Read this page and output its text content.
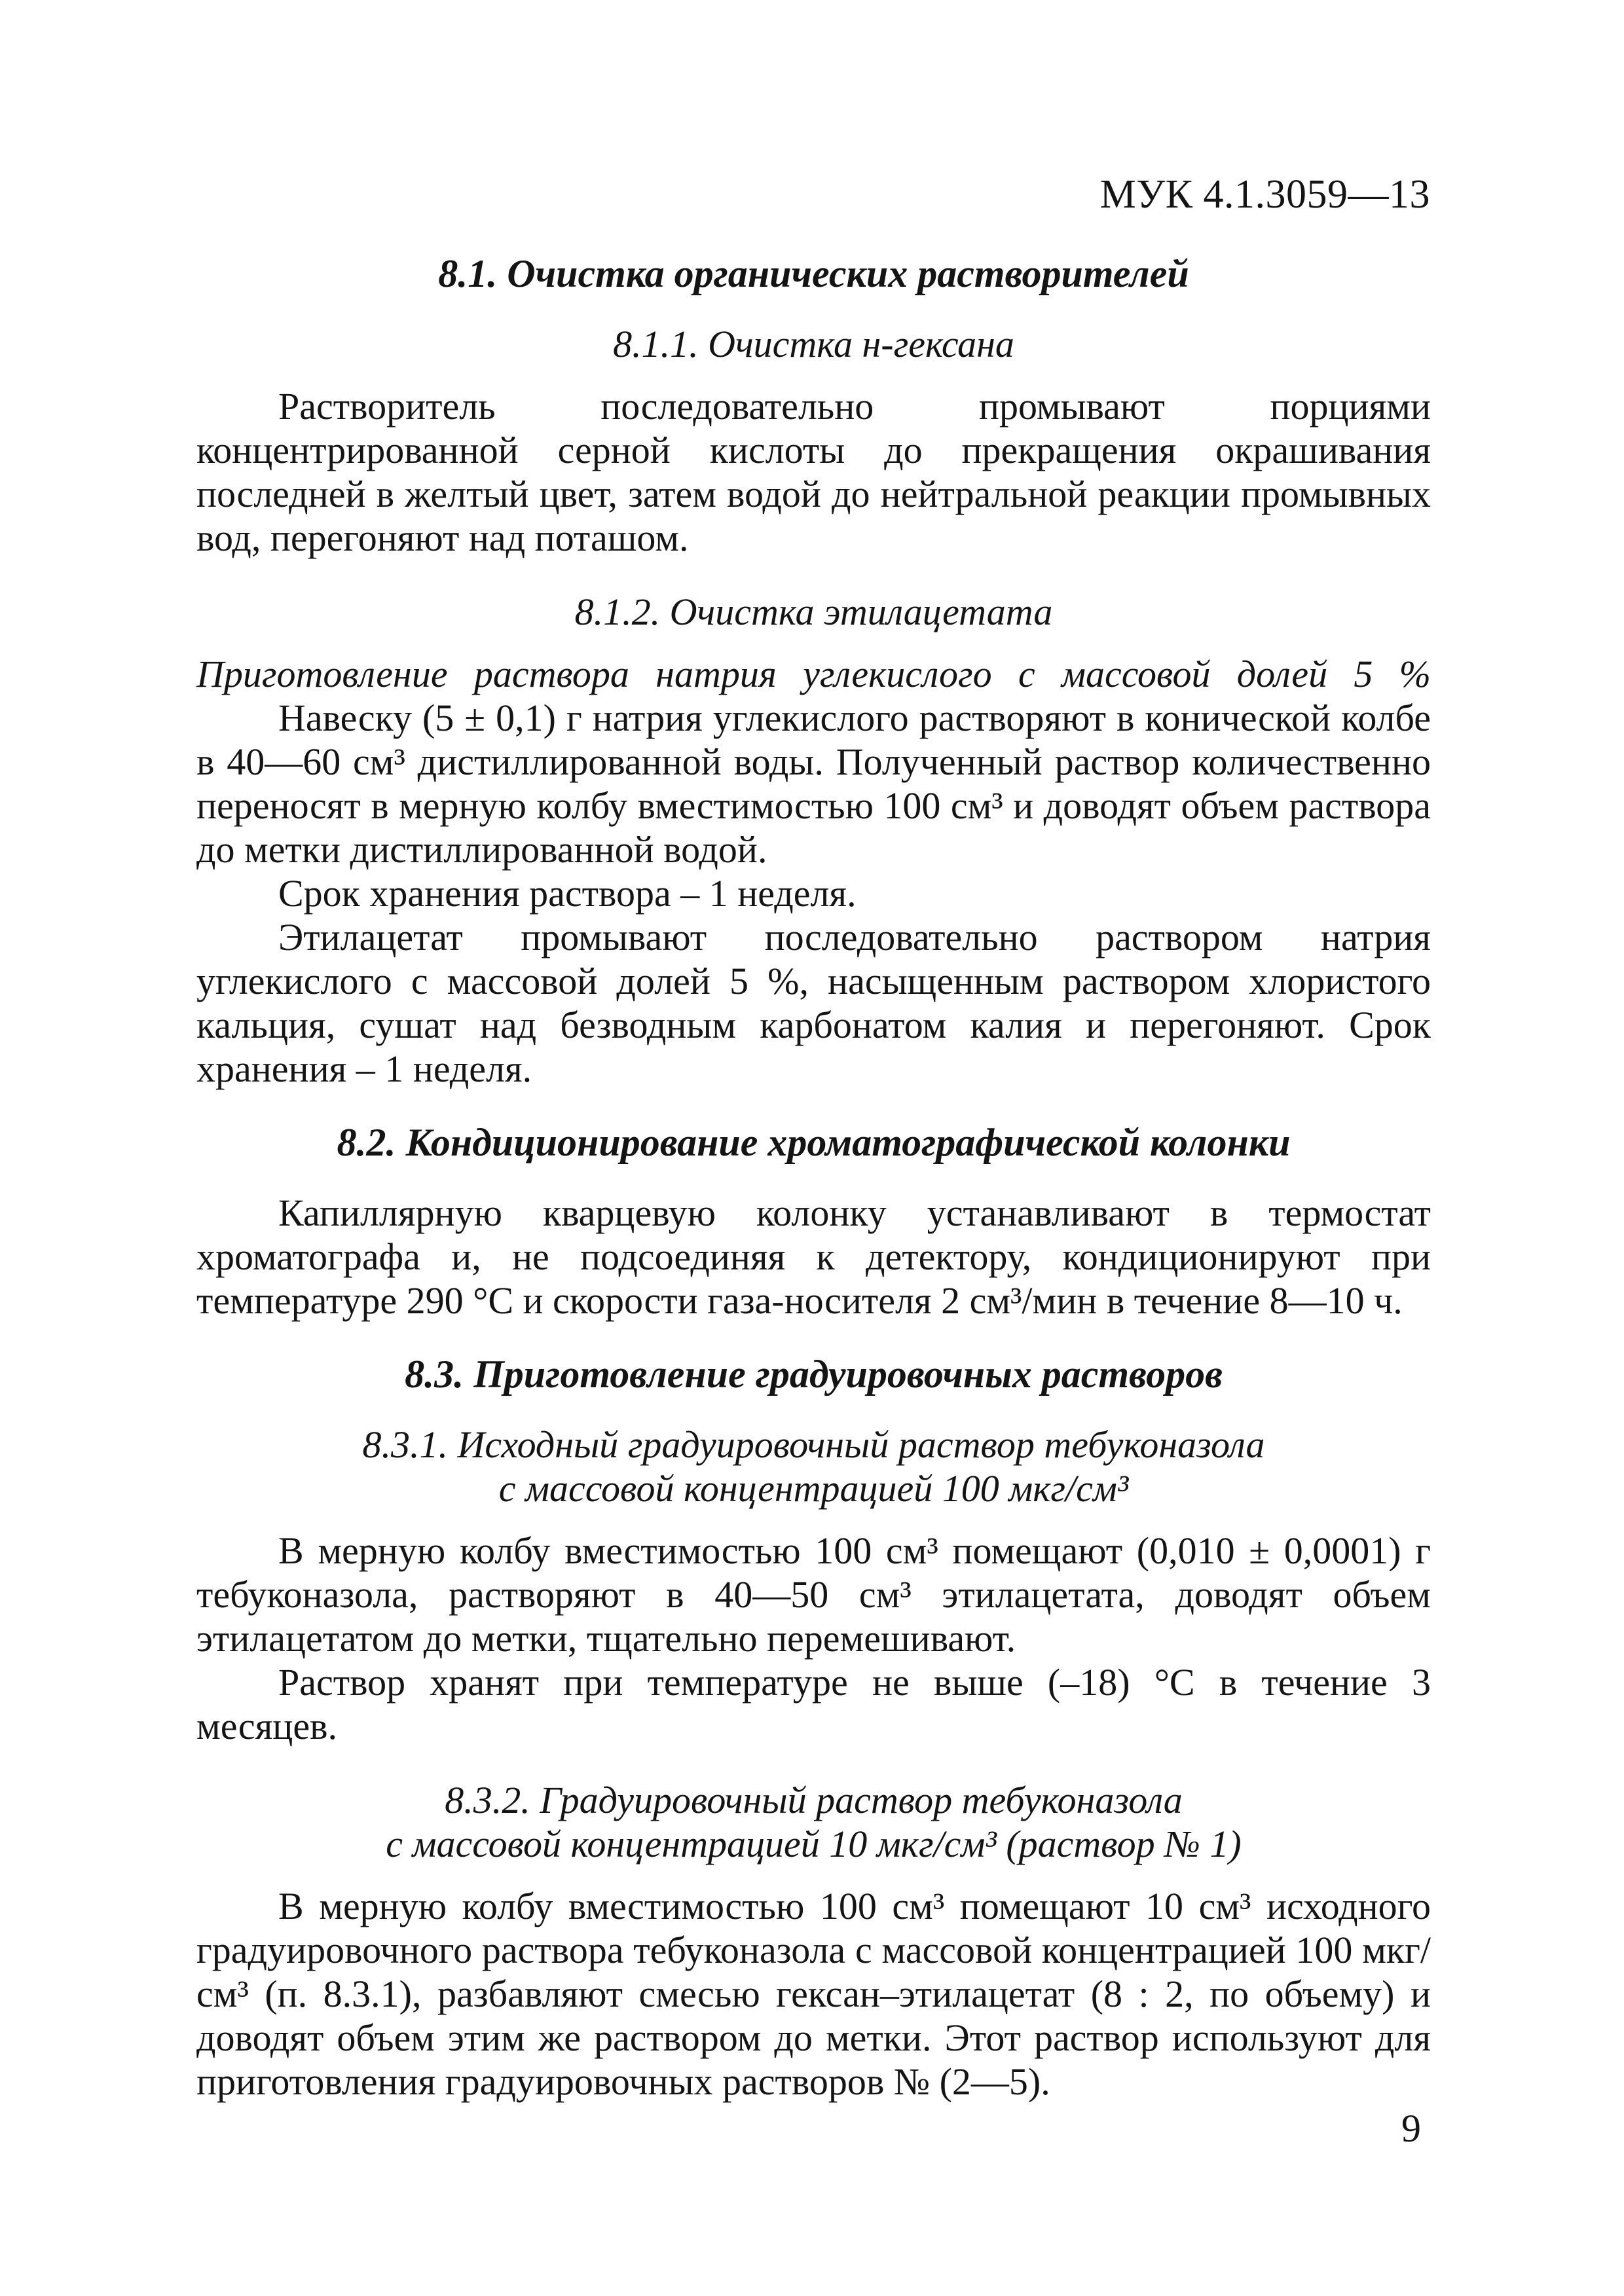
МУК 4.1.3059—13
8.1. Очистка органических растворителей
8.1.1. Очистка н-гексана

Растворитель последовательно промывают порциями концентрированной серной кислоты до прекращения окрашивания последней в желтый цвет, затем водой до нейтральной реакции промывных вод, перегоняют над поташом.

8.1.2. Очистка этилацетата
Приготовление раствора натрия углекислого с массовой долей 5 %

Навеску (5 ± 0,1) г натрия углекислого растворяют в конической колбе в 40—60 см³ дистиллированной воды. Полученный раствор количественно переносят в мерную колбу вместимостью 100 см³ и доводят объем раствора до метки дистиллированной водой.

Срок хранения раствора – 1 неделя.

Этилацетат промывают последовательно раствором натрия углекислого с массовой долей 5 %, насыщенным раствором хлористого кальция, сушат над безводным карбонатом калия и перегоняют. Срок хранения – 1 неделя.

8.2. Кондиционирование хроматографической колонки

Капиллярную кварцевую колонку устанавливают в термостат хроматографа и, не подсоединяя к детектору, кондиционируют при температуре 290 °С и скорости газа-носителя 2 см³/мин в течение 8—10 ч.

8.3. Приготовление градуировочных растворов
8.3.1. Исходный градуировочный раствор тебуконазола
с массовой концентрацией 100 мкг/см³

В мерную колбу вместимостью 100 см³ помещают (0,010 ± 0,0001) г тебуконазола, растворяют в 40—50 см³ этилацетата, доводят объем этилацетатом до метки, тщательно перемешивают.

Раствор хранят при температуре не выше (–18) °С в течение 3 месяцев.

8.3.2. Градуировочный раствор тебуконазола
с массовой концентрацией 10 мкг/см³ (раствор № 1)

В мерную колбу вместимостью 100 см³ помещают 10 см³ исходного градуировочного раствора тебуконазола с массовой концентрацией 100 мкг/см³ (п. 8.3.1), разбавляют смесью гексан–этилацетат (8 : 2, по объему) и доводят объем этим же раствором до метки. Этот раствор используют для приготовления градуировочных растворов № (2—5).

9
